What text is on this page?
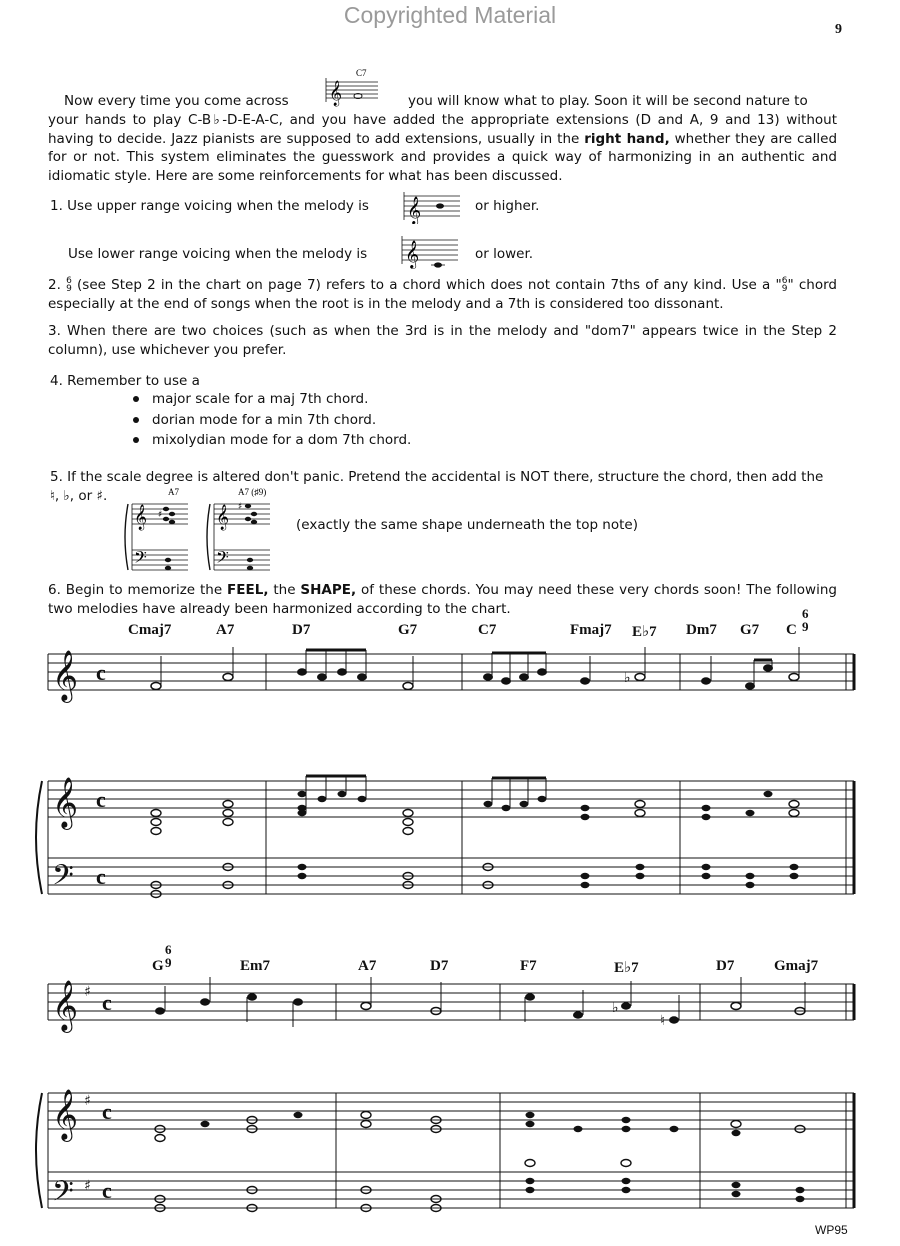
Copyrighted Material
9
Now every time you come across
C7
𝄞	you will know what to play. Soon it will be second nature to
your hands to play C-B♭-D-E-A-C, and you have added the appropriate extensions (D and A, 9 and 13) without having to decide. Jazz pianists are supposed to add extensions, usually in the right hand, whether they are called for or not. This system eliminates the guesswork and provides a quick way of harmonizing in an authentic and idiomatic style. Here are some reinforcements for what has been discussed.
1. Use upper range voicing when the melody is 𝄞	or higher.
Use lower range voicing when the melody is 𝄞	or lower.
2. 6
9 (see Step 2 in the chart on page 7) refers to a chord which does not contain 7ths of any kind. Use a " 6
9 " chord especially at the end of songs when the root is in the melody and a 7th is considered too dissonant.
3. When there are two choices (such as when the 3rd is in the melody and "dom7" appears twice in the Step 2 column), use whichever you prefer.
4. Remember to use a
major scale for a maj 7th chord.
dorian mode for a min 7th chord.
mixolydian mode for a dom 7th chord.
5. If the scale degree is altered don't panic. Pretend the accidental is NOT there, structure the chord, then add the
♮, ♭, or ♯.	A7	A7 (♯9)
𝄞
𝄢
𝄞
𝄢
♯
♯
(exactly the same shape underneath the top note)
6. Begin to memorize the FEEL, the SHAPE, of these chords. You may need these very chords soon! The following two melodies have already been harmonized according to the chart.
Cmaj7	A7	D7	G7	C7	Fmaj7 E♭7 Dm7 G7 C
6
9
G
6
9	Em7	A7	D7	F7	E♭7	D7	Gmaj7
𝄞
𝄞
𝄢
𝄞
𝄞
𝄢
♯
♯
♯
c
c
c
c
c
c
♭
♭
♮
WP95
